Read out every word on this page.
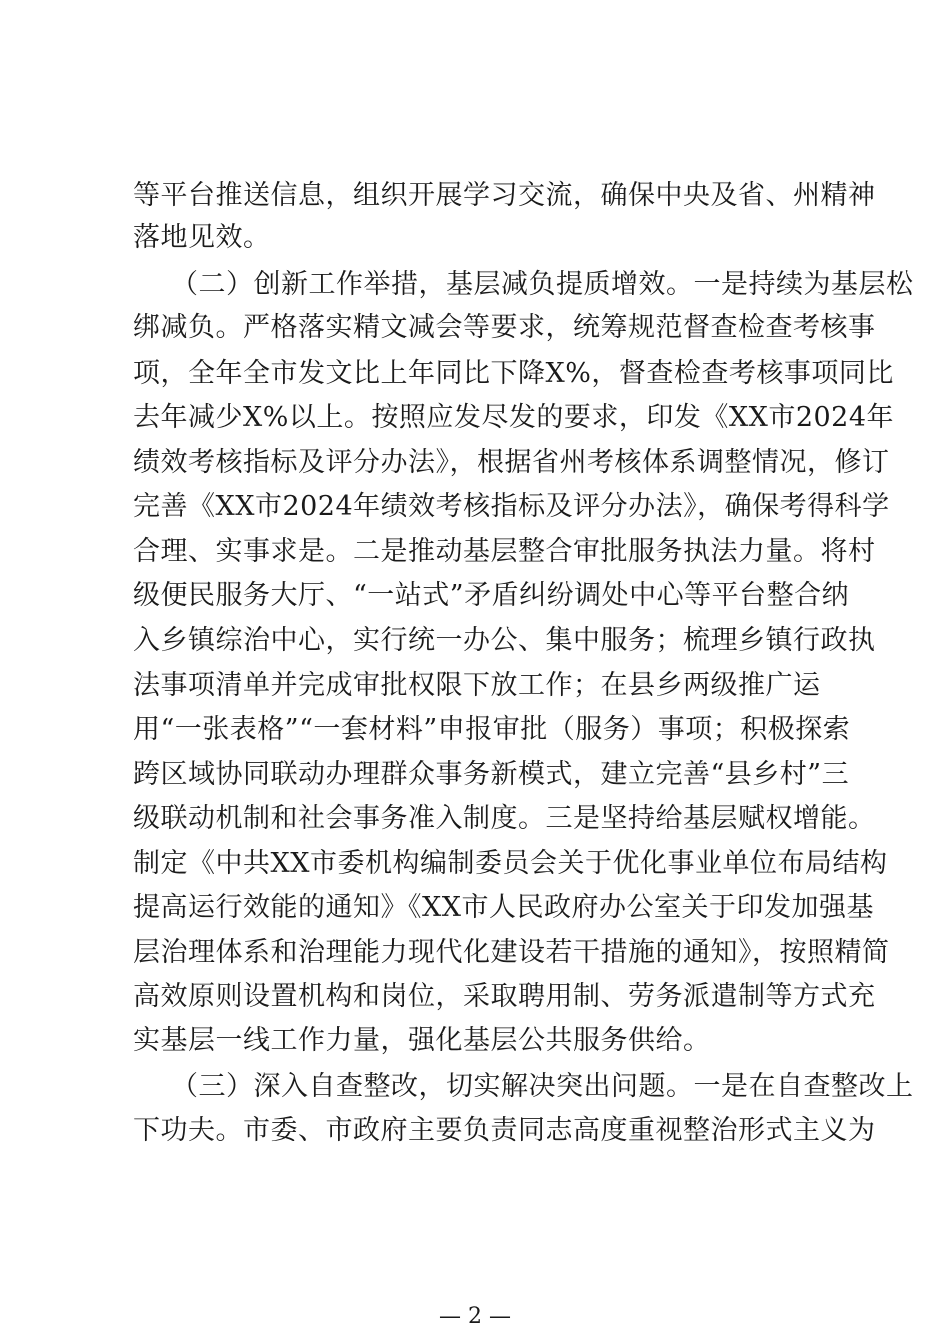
等平台推送信息，组织开展学习交流，确保中央及省、州精神
落地见效。
（二）创新工作举措，基层减负提质增效。一是持续为基层松
绑减负。严格落实精文减会等要求，统筹规范督查检查考核事
项，全年全市发文比上年同比下降X%，督查检查考核事项同比
去年减少X%以上。按照应发尽发的要求，印发《XX市2024年
绩效考核指标及评分办法》，根据省州考核体系调整情况，修订
完善《XX市2024年绩效考核指标及评分办法》，确保考得科学
合理、实事求是。二是推动基层整合审批服务执法力量。将村
级便民服务大厅、“一站式”矛盾纠纷调处中心等平台整合纳
入乡镇综治中心，实行统一办公、集中服务；梳理乡镇行政执
法事项清单并完成审批权限下放工作；在县乡两级推广运
用“一张表格”“一套材料”申报审批（服务）事项；积极探索
跨区域协同联动办理群众事务新模式，建立完善“县乡村”三
级联动机制和社会事务准入制度。三是坚持给基层赋权增能。
制定《中共XX市委机构编制委员会关于优化事业单位布局结构
提高运行效能的通知》《XX市人民政府办公室关于印发加强基
层治理体系和治理能力现代化建设若干措施的通知》，按照精简
高效原则设置机构和岗位，采取聘用制、劳务派遣制等方式充
实基层一线工作力量，强化基层公共服务供给。
（三）深入自查整改，切实解决突出问题。一是在自查整改上
下功夫。市委、市政府主要负责同志高度重视整治形式主义为
— 2 —
